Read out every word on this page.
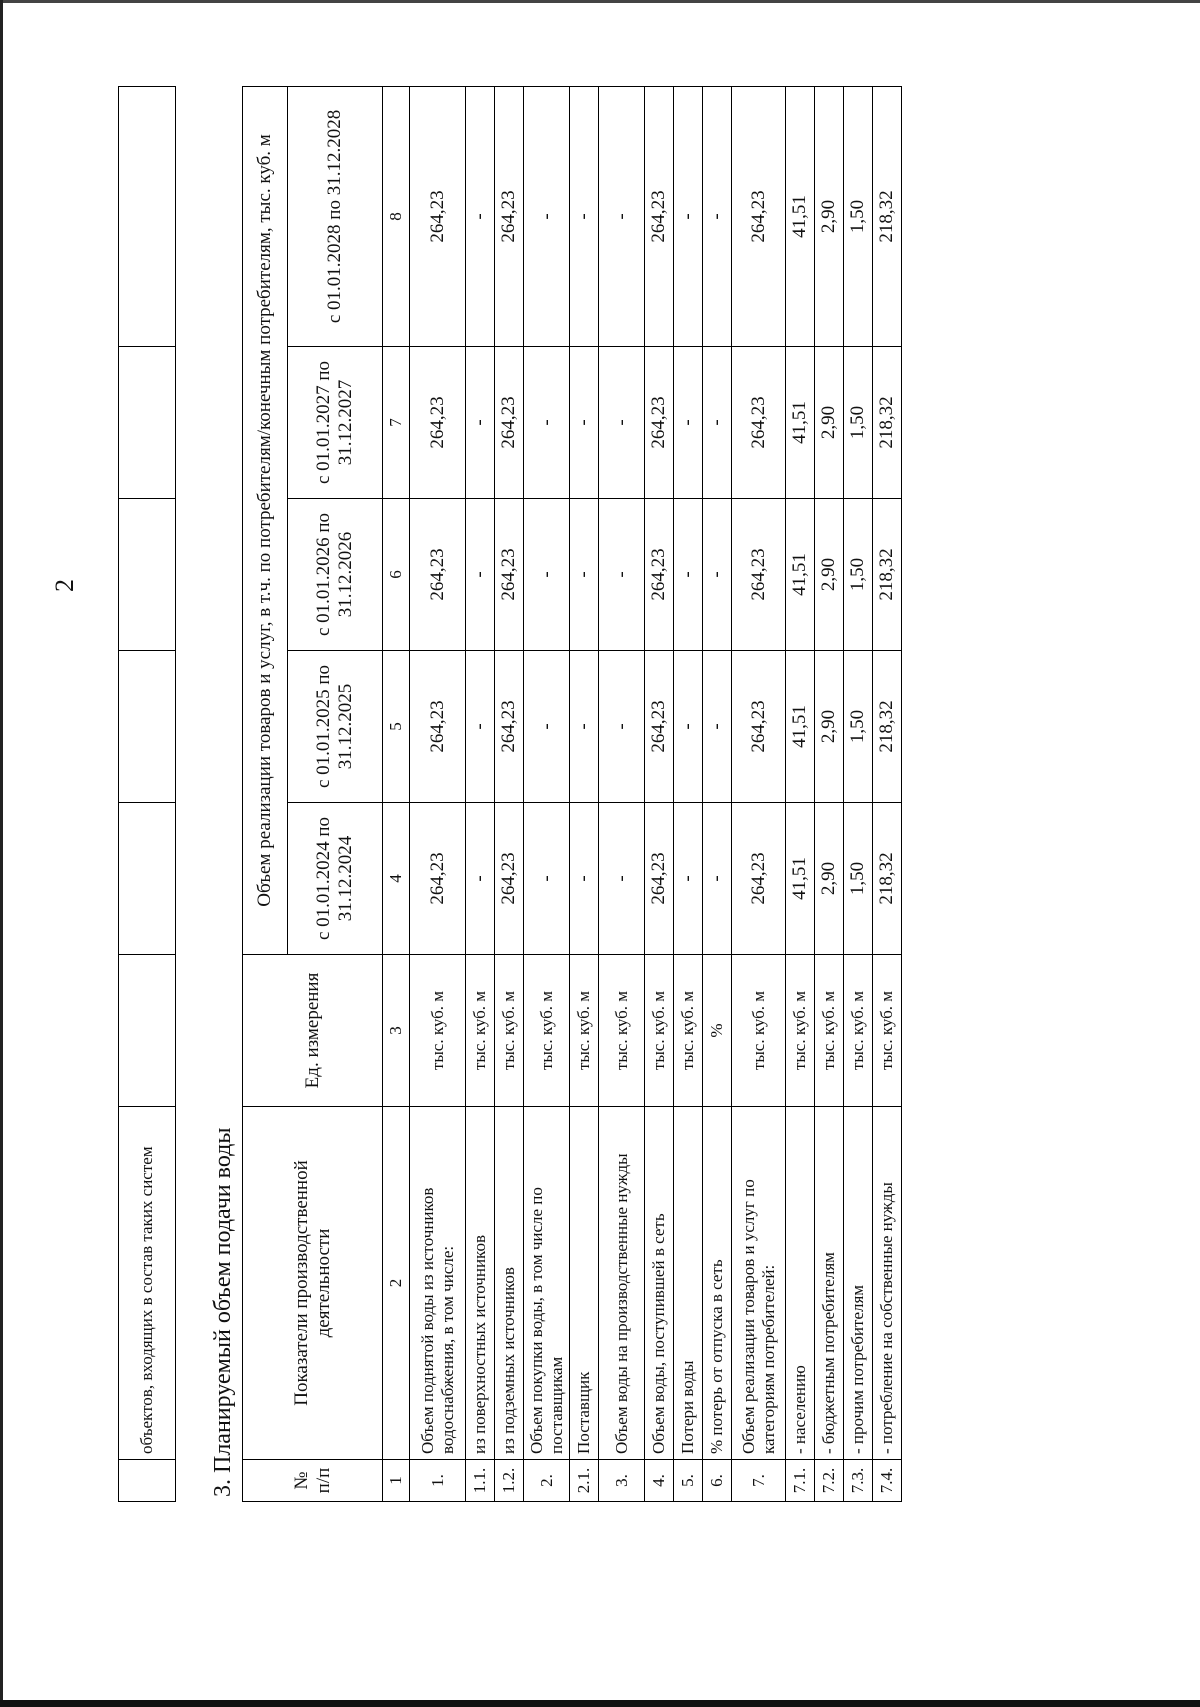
2
	объектов, входящих в состав таких систем						3. Планируемый объем подачи воды	№ п/п	Показатели производственной деятельности	Ед. измерения	Объем реализации товаров и услуг, в т.ч. по потребителям/конечным потребителям, тыс. куб. м				
			с 01.01.2024 по 31.12.2024	с 01.01.2025 по 31.12.2025	с 01.01.2026 по 31.12.2026	с 01.01.2027 по 31.12.2027	с 01.01.2028 по 31.12.2028
1	2	3	4	5	6	7	8
1.	Объем поднятой воды из источников водоснабжения, в том числе:	тыс. куб. м	264,23	264,23	264,23	264,23	264,23
1.1.	из поверхностных источников	тыс. куб. м	-	-	-	-	-
1.2.	из подземных источников	тыс. куб. м	264,23	264,23	264,23	264,23	264,23
2.	Объем покупки воды, в том числе по поставщикам	тыс. куб. м	-	-	-	-	-
2.1.	Поставщик	тыс. куб. м	-	-	-	-	-
3.	Объем воды на производственные нужды	тыс. куб. м	-	-	-	-	-
4.	Объем воды, поступившей в сеть	тыс. куб. м	264,23	264,23	264,23	264,23	264,23
5.	Потери воды	тыс. куб. м	-	-	-	-	-
6.	% потерь от отпуска в сеть	%	-	-	-	-	-
7.	Объем реализации товаров и услуг по категориям потребителей:	тыс. куб. м	264,23	264,23	264,23	264,23	264,23
7.1.	- населению	тыс. куб. м	41,51	41,51	41,51	41,51	41,51
7.2.	- бюджетным потребителям	тыс. куб. м	2,90	2,90	2,90	2,90	2,90
7.3.	- прочим потребителям	тыс. куб. м	1,50	1,50	1,50	1,50	1,50
7.4.	- потребление на собственные нужды	тыс. куб. м	218,32	218,32	218,32	218,32	218,32
